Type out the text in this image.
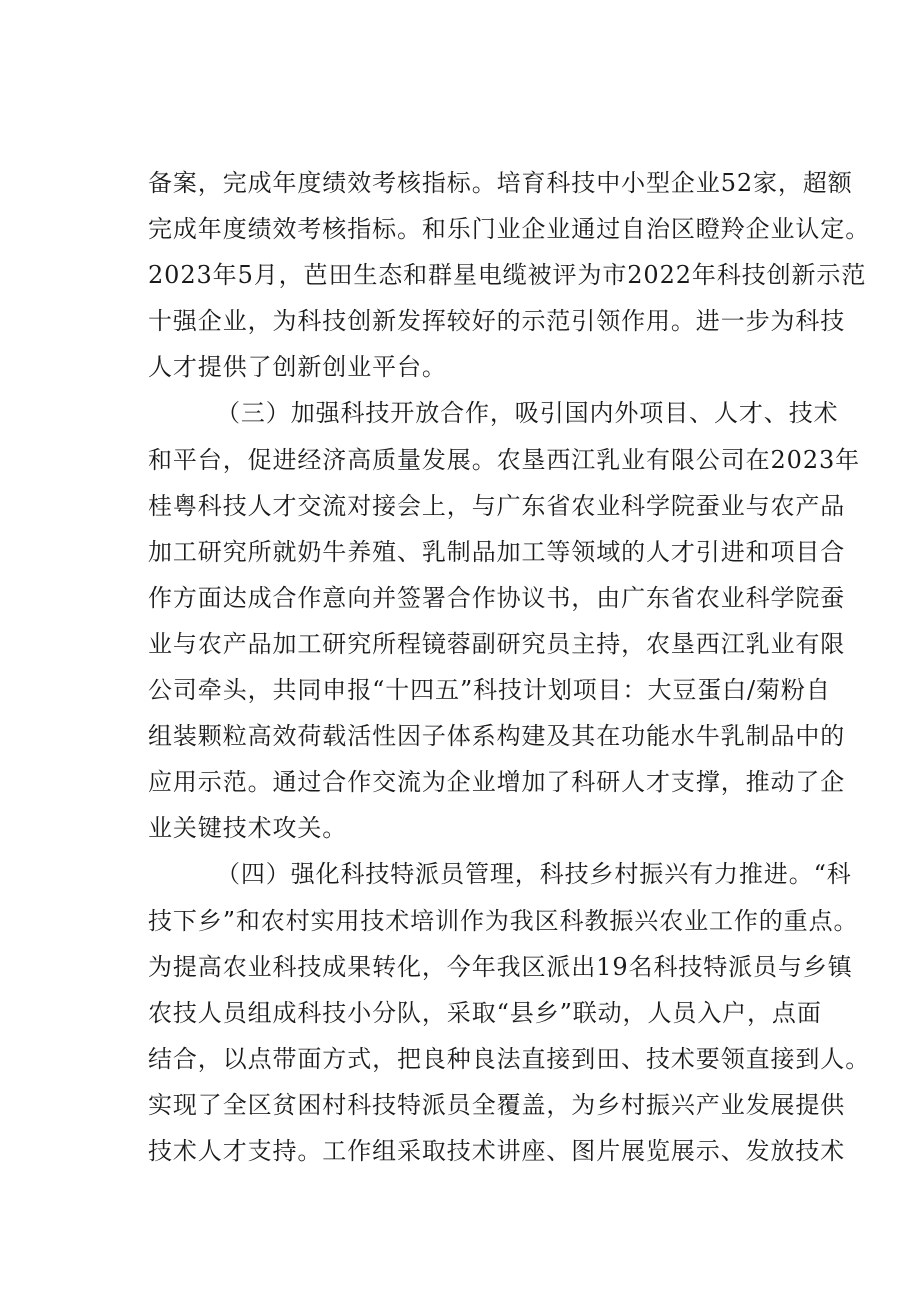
备案，完成年度绩效考核指标。培育科技中小型企业52家，超额
完成年度绩效考核指标。和乐门业企业通过自治区瞪羚企业认定。
2023年5月，芭田生态和群星电缆被评为市2022年科技创新示范
十强企业，为科技创新发挥较好的示范引领作用。进一步为科技
人才提供了创新创业平台。
（三）加强科技开放合作，吸引国内外项目、人才、技术
和平台，促进经济高质量发展。农垦西江乳业有限公司在2023年
桂粤科技人才交流对接会上，与广东省农业科学院蚕业与农产品
加工研究所就奶牛养殖、乳制品加工等领域的人才引进和项目合
作方面达成合作意向并签署合作协议书，由广东省农业科学院蚕
业与农产品加工研究所程镜蓉副研究员主持，农垦西江乳业有限
公司牵头，共同申报“十四五”科技计划项目：大豆蛋白/菊粉自
组装颗粒高效荷载活性因子体系构建及其在功能水牛乳制品中的
应用示范。通过合作交流为企业增加了科研人才支撑，推动了企
业关键技术攻关。
（四）强化科技特派员管理，科技乡村振兴有力推进。“科
技下乡”和农村实用技术培训作为我区科教振兴农业工作的重点。
为提高农业科技成果转化，今年我区派出19名科技特派员与乡镇
农技人员组成科技小分队，采取“县乡”联动，人员入户，点面
结合，以点带面方式，把良种良法直接到田、技术要领直接到人。
实现了全区贫困村科技特派员全覆盖，为乡村振兴产业发展提供
技术人才支持。工作组采取技术讲座、图片展览展示、发放技术
